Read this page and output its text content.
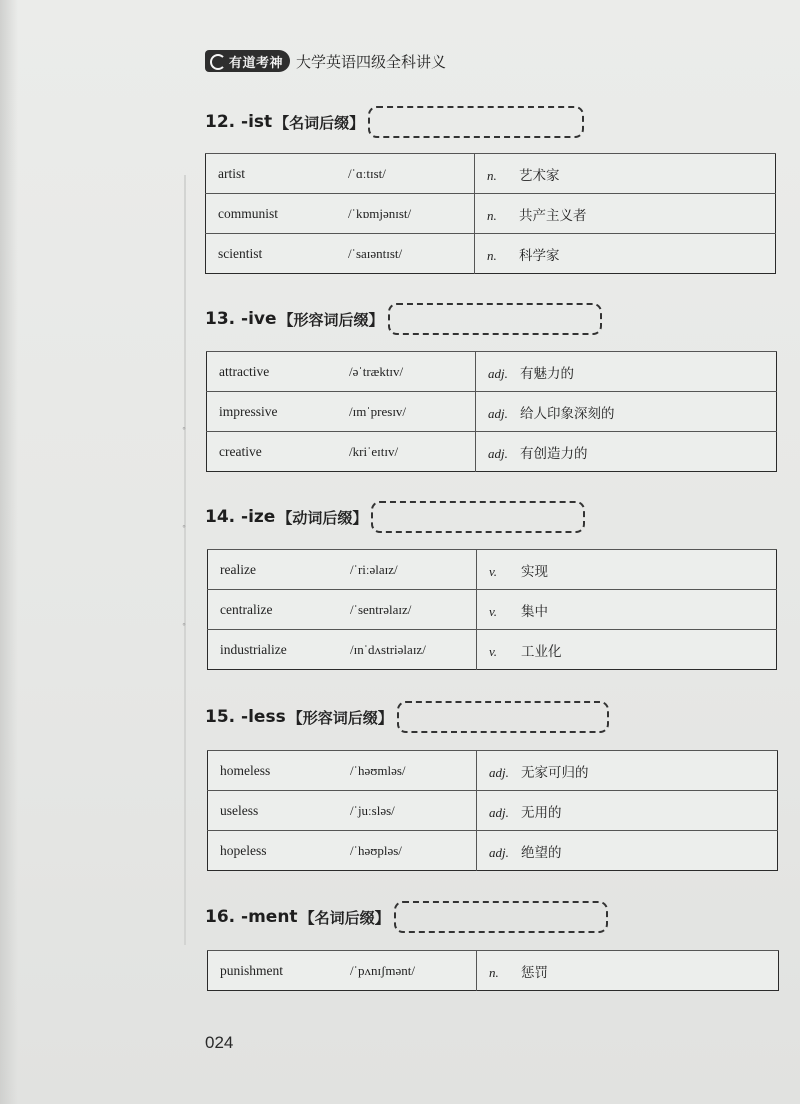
°
°
°
有道考神 大学英语四级全科讲义
12. -ist 【名词后缀】
artist	/ˈɑːtɪst/	n. 艺术家
communist	/ˈkɒmjənɪst/	n. 共产主义者
scientist	/ˈsaɪəntɪst/	n. 科学家
13. -ive 【形容词后缀】
attractive	/əˈtræktɪv/	adj. 有魅力的
impressive	/ɪmˈpresɪv/	adj. 给人印象深刻的
creative	/kriˈeɪtɪv/	adj. 有创造力的
14. -ize 【动词后缀】
realize	/ˈriːəlaɪz/	v. 实现
centralize	/ˈsentrəlaɪz/	v. 集中
industrialize	/ɪnˈdʌstriəlaɪz/	v. 工业化
15. -less 【形容词后缀】
homeless	/ˈhəʊmləs/	adj. 无家可归的
useless	/ˈjuːsləs/	adj. 无用的
hopeless	/ˈhəʊpləs/	adj. 绝望的
16. -ment 【名词后缀】
punishment	/ˈpʌnɪʃmənt/	n. 惩罚
024
